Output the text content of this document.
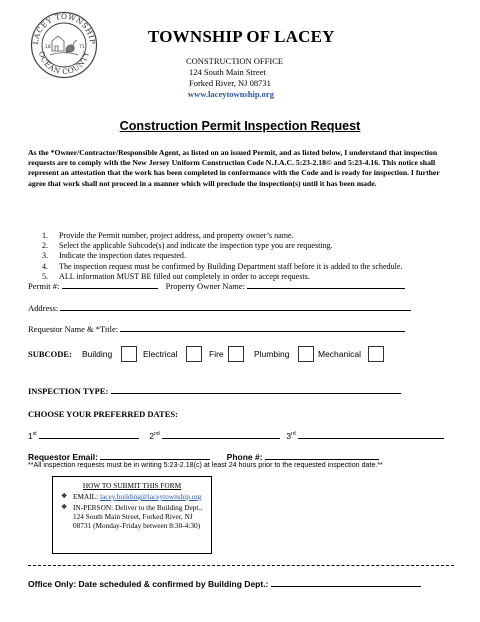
LACEY TOWNSHIP
OCEAN COUNTY
18	71
TOWNSHIP OF LACEY
CONSTRUCTION OFFICE
124 South Main Street
Forked River, NJ 08731
www.laceytownship.org
Construction Permit Inspection Request
As the *Owner/Contractor/Responsible Agent, as listed on an issued Permit, and as listed below, I understand that inspection requests are to comply with the New Jersey Uniform Construction Code N.J.A.C. 5:23-2.18© and 5:23-4.16. This notice shall represent an attestation that the work has been completed in conformance with the Code and is ready for inspection. I further agree that work shall not proceed in a manner which will preclude the inspection(s) until it has been made.
1. Provide the Permit number, project address, and property owner’s name.
2. Select the applicable Subcode(s) and indicate the inspection type you are requesting.
3. Indicate the inspection dates requested.
4. The inspection request must be confirmed by Building Department staff before it is added to the schedule.
5. ALL information MUST BE filled out completely in order to accept requests.
Permit #:	Property Owner Name:
Address:
Requestor Name & *Title:
SUBCODE: Building	Electrical	Fire	Plumbing	Mechanical
INSPECTION TYPE:
CHOOSE YOUR PREFERRED DATES:
1st	2nd	3rd
Requestor Email:	Phone #:
**All inspection requests must be in writing 5:23-2.18(c) at least 24 hours prior to the requested inspection date.**
HOW TO SUBMIT THIS FORM
❖ EMAIL: lacey.building@laceytownship.org
❖ IN-PERSON: Deliver to the Building Dept., 124 South Main Street, Forked River, NJ 08731 (Monday-Friday between 8:30-4:30)
Office Only: Date scheduled & confirmed by Building Dept.:
